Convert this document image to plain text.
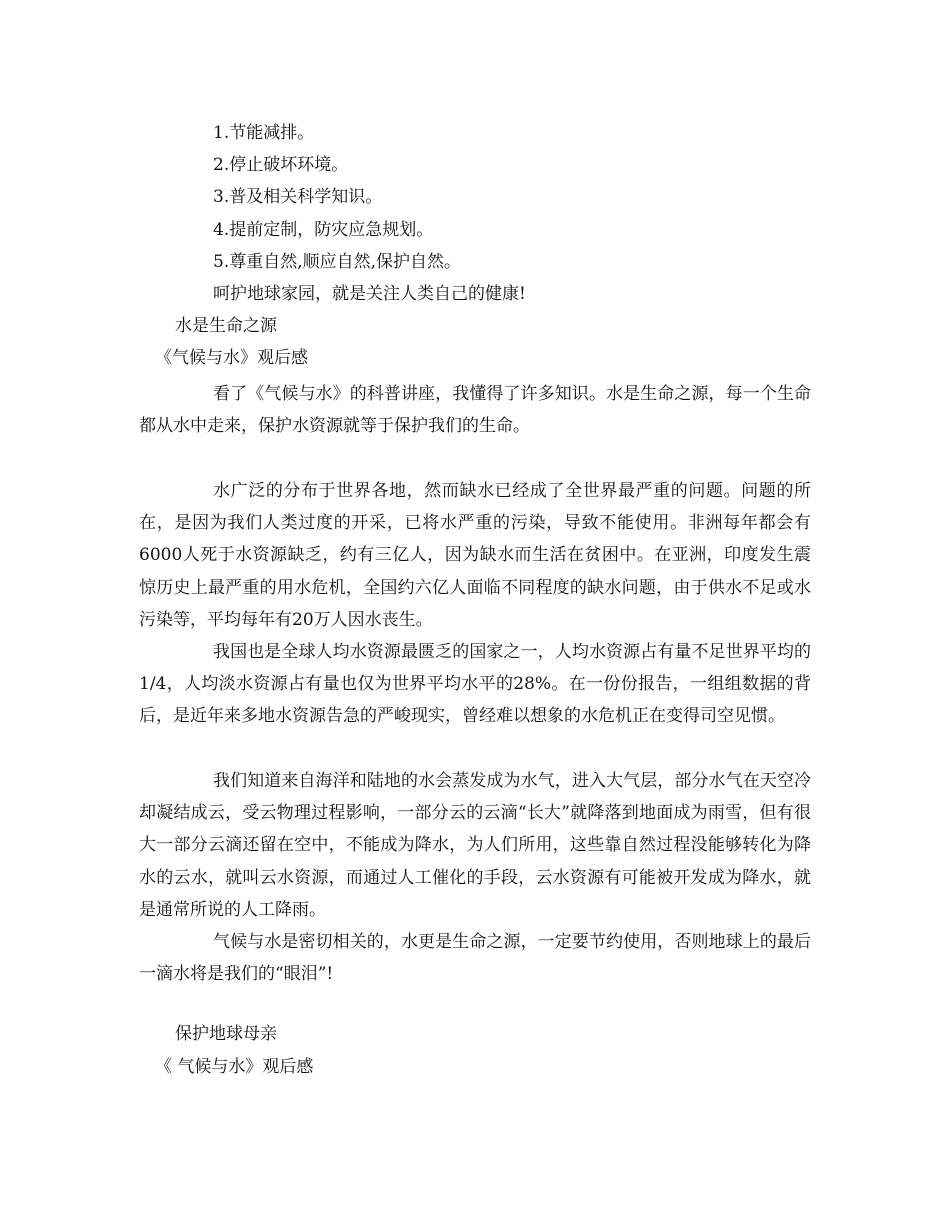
1.节能减排。

2.停止破坏环境。

3.普及相关科学知识。

4.提前定制，防灾应急规划。

5.尊重自然,顺应自然,保护自然。

呵护地球家园，就是关注人类自己的健康!

水是生命之源

《气候与水》观后感

看了《气候与水》的科普讲座，我懂得了许多知识。水是生命之源，每一个生命都从水中走来，保护水资源就等于保护我们的生命。

水广泛的分布于世界各地，然而缺水已经成了全世界最严重的问题。问题的所在，是因为我们人类过度的开采，已将水严重的污染，导致不能使用。非洲每年都会有6000人死于水资源缺乏，约有三亿人，因为缺水而生活在贫困中。在亚洲，印度发生震惊历史上最严重的用水危机，全国约六亿人面临不同程度的缺水问题，由于供水不足或水污染等，平均每年有20万人因水丧生。

我国也是全球人均水资源最匮乏的国家之一，人均水资源占有量不足世界平均的1/4，人均淡水资源占有量也仅为世界平均水平的28%。在一份份报告，一组组数据的背后，是近年来多地水资源告急的严峻现实，曾经难以想象的水危机正在变得司空见惯。

我们知道来自海洋和陆地的水会蒸发成为水气，进入大气层，部分水气在天空冷却凝结成云，受云物理过程影响，一部分云的云滴“长大”就降落到地面成为雨雪，但有很大一部分云滴还留在空中，不能成为降水，为人们所用，这些靠自然过程没能够转化为降水的云水，就叫云水资源，而通过人工催化的手段，云水资源有可能被开发成为降水，就是通常所说的人工降雨。

气候与水是密切相关的，水更是生命之源，一定要节约使用，否则地球上的最后一滴水将是我们的“眼泪”!

保护地球母亲

《 气候与水》观后感
